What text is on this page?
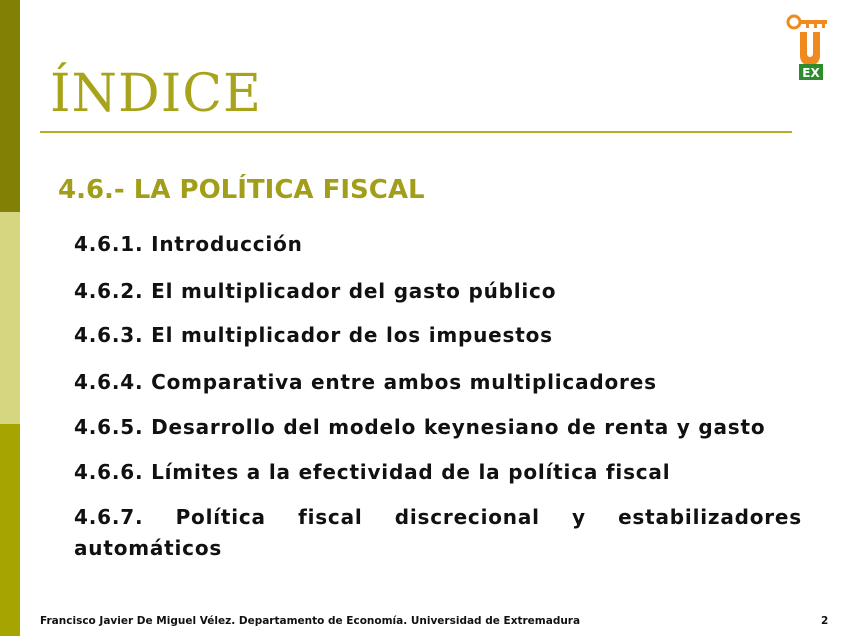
EX
ÍNDICE
4.6.- LA POLÍTICA FISCAL

4.6.1. Introducción

4.6.2. El multiplicador del gasto público

4.6.3. El multiplicador de los impuestos

4.6.4. Comparativa entre ambos multiplicadores

4.6.5. Desarrollo del modelo keynesiano de renta y gasto

4.6.6. Límites a la efectividad de la política fiscal

4.6.7. Política fiscal discrecional y estabilizadores automáticos

Francisco Javier De Miguel Vélez. Departamento de Economía. Universidad de Extremadura	2
